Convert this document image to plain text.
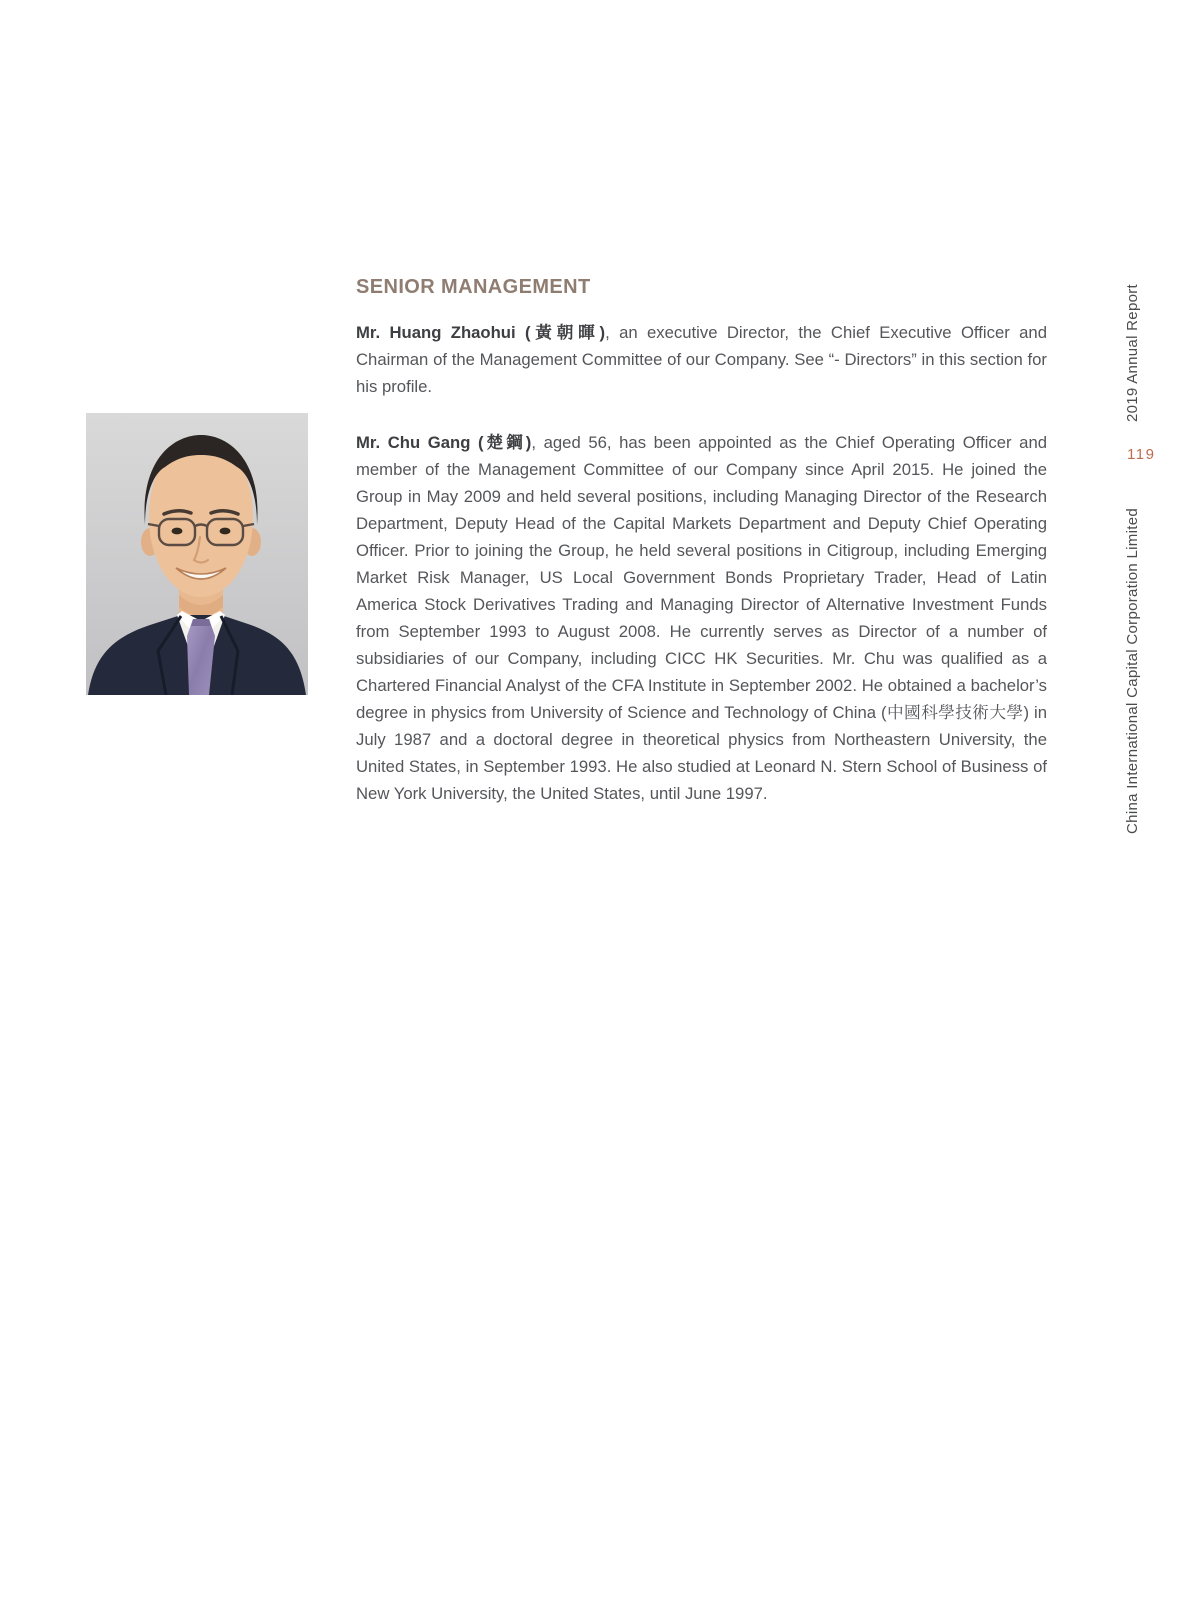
SENIOR MANAGEMENT

Mr. Huang Zhaohui (黃朝暉), an executive Director, the Chief Executive Officer and Chairman of the Management Committee of our Company. See “- Directors” in this section for his profile.

Mr. Chu Gang (楚鋼), aged 56, has been appointed as the Chief Operating Officer and member of the Management Committee of our Company since April 2015. He joined the Group in May 2009 and held several positions, including Managing Director of the Research Department, Deputy Head of the Capital Markets Department and Deputy Chief Operating Officer. Prior to joining the Group, he held several positions in Citigroup, including Emerging Market Risk Manager, US Local Government Bonds Proprietary Trader, Head of Latin America Stock Derivatives Trading and Managing Director of Alternative Investment Funds from September 1993 to August 2008. He currently serves as Director of a number of subsidiaries of our Company, including CICC HK Securities. Mr. Chu was qualified as a Chartered Financial Analyst of the CFA Institute in September 2002. He obtained a bachelor’s degree in physics from University of Science and Technology of China (中國科學技術大學) in July 1987 and a doctoral degree in theoretical physics from Northeastern University, the United States, in September 1993. He also studied at Leonard N. Stern School of Business of New York University, the United States, until June 1997.

2019 Annual Report
119
China International Capital Corporation Limited
